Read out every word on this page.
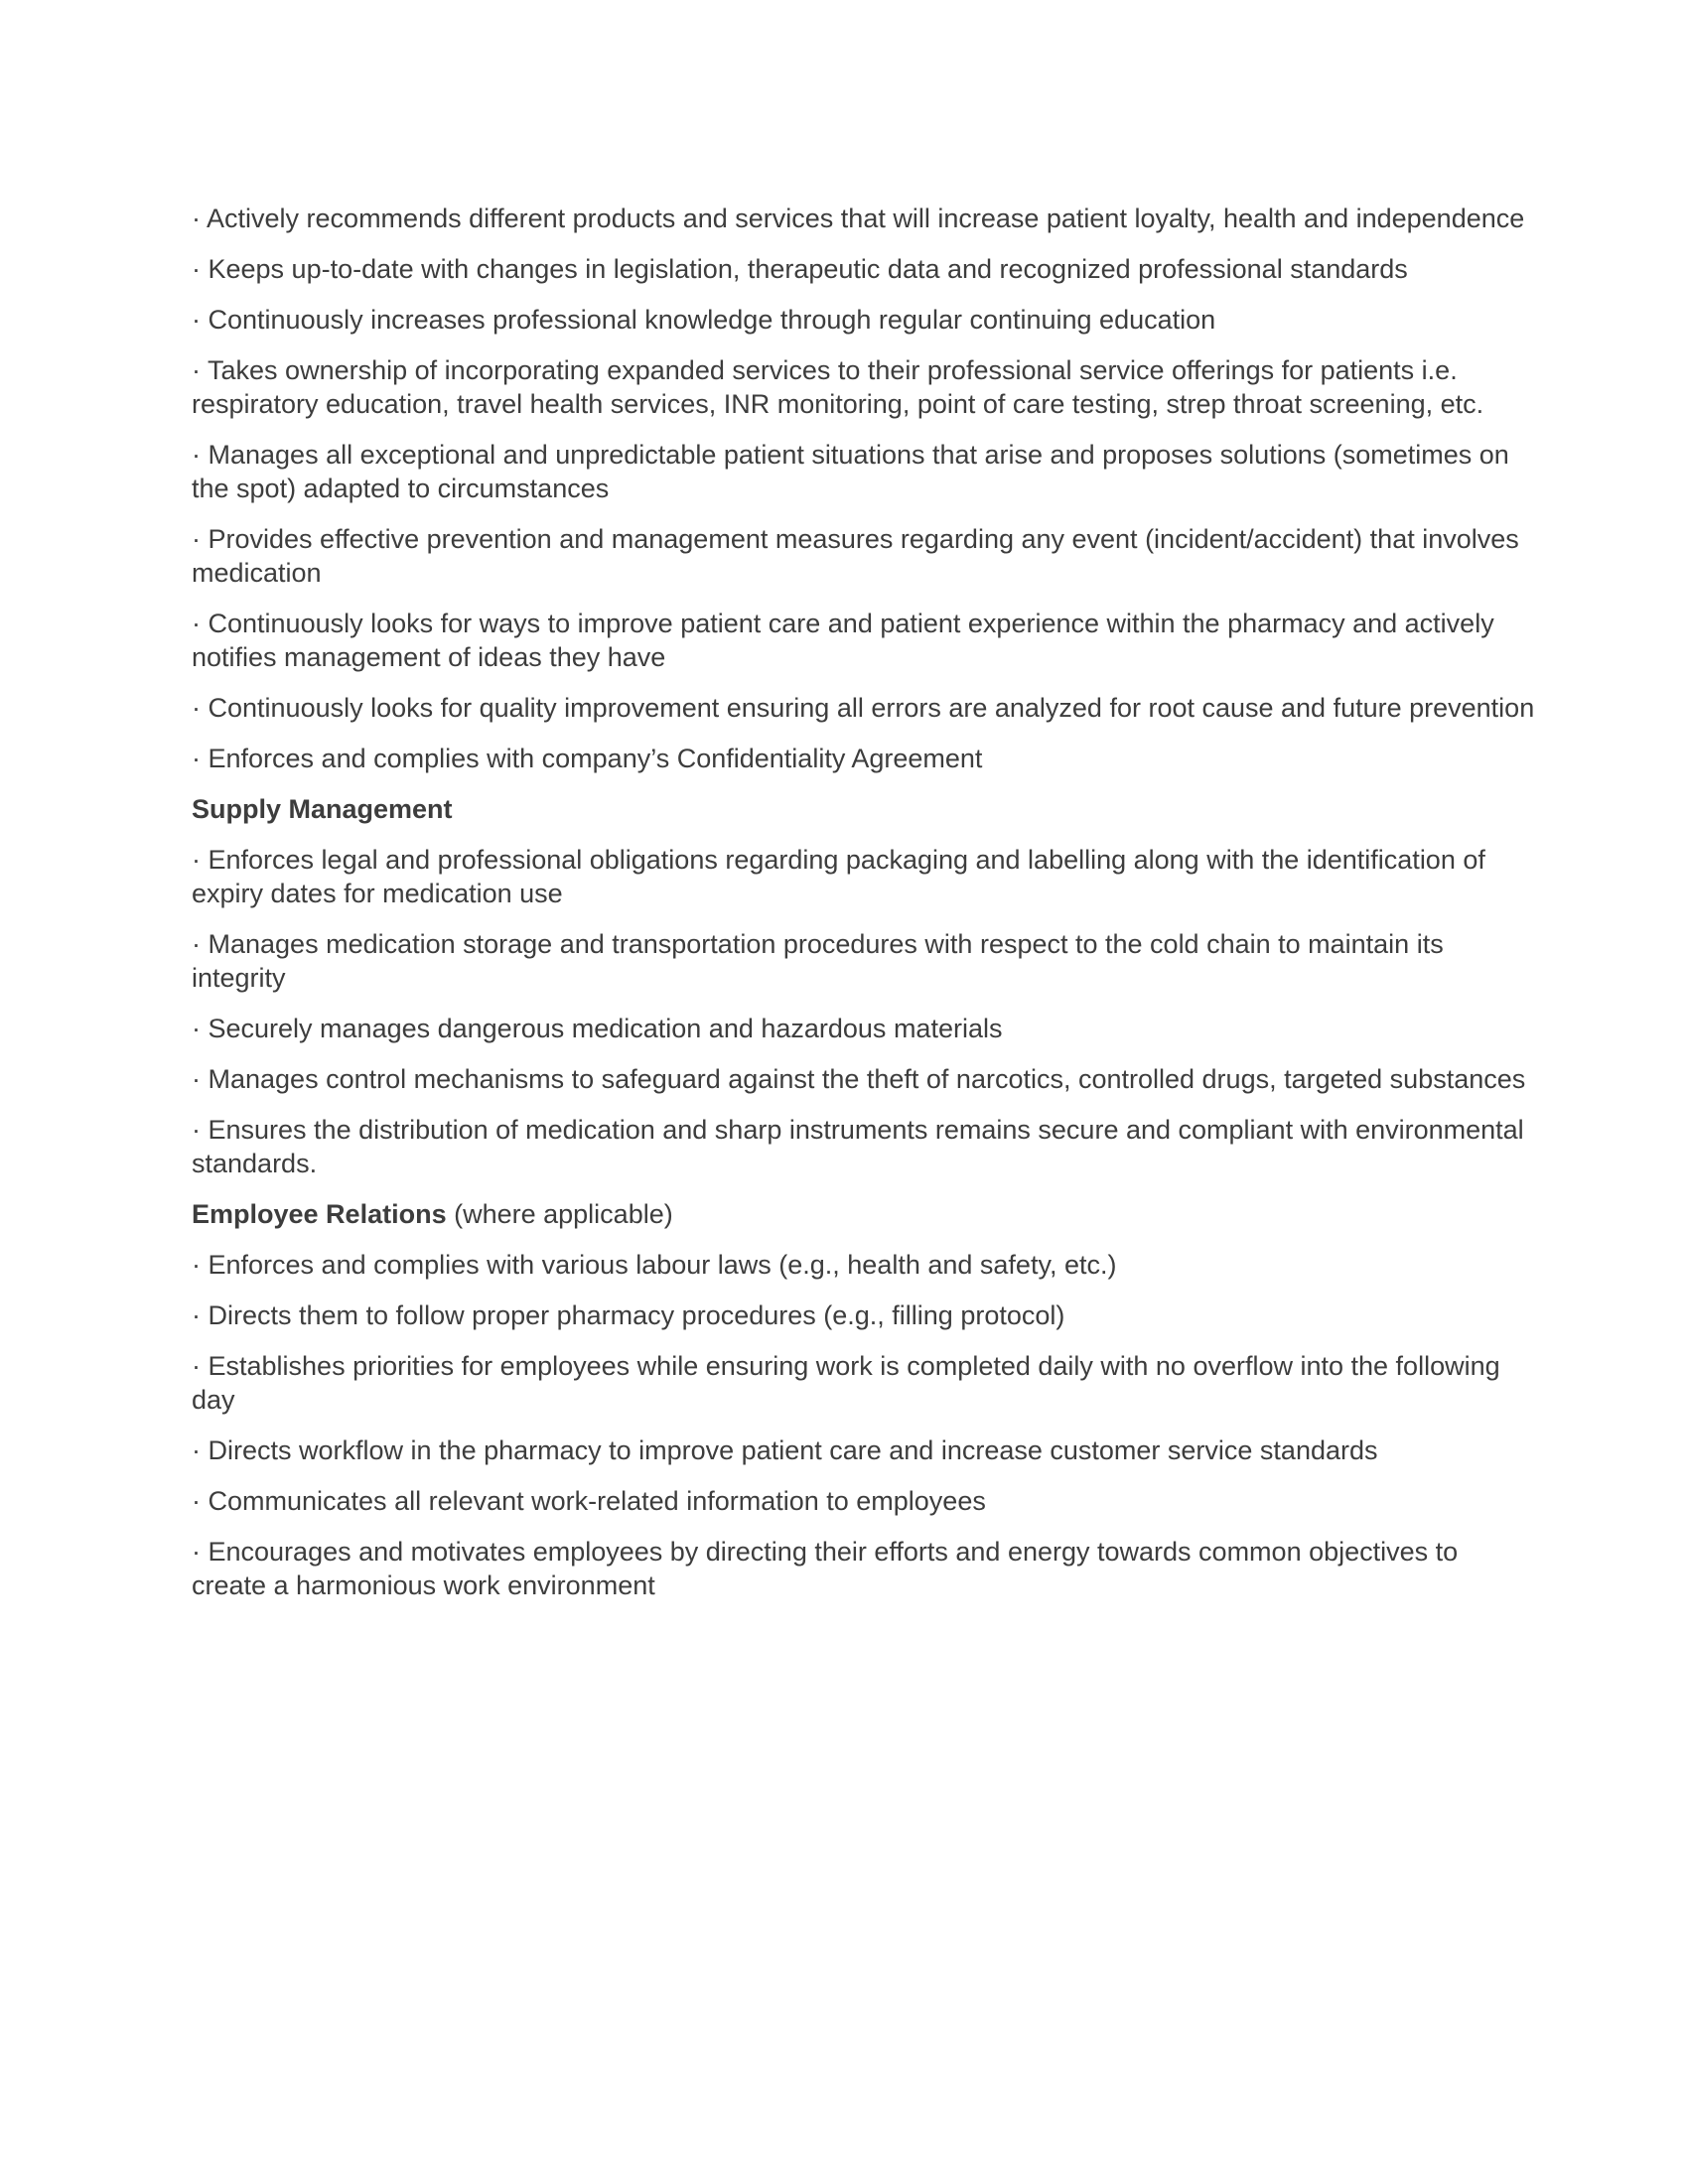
· Actively recommends different products and services that will increase patient loyalty, health and independence

· Keeps up-to-date with changes in legislation, therapeutic data and recognized professional standards

· Continuously increases professional knowledge through regular continuing education

· Takes ownership of incorporating expanded services to their professional service offerings for patients i.e. respiratory education, travel health services, INR monitoring, point of care testing, strep throat screening, etc.

· Manages all exceptional and unpredictable patient situations that arise and proposes solutions (sometimes on the spot) adapted to circumstances

· Provides effective prevention and management measures regarding any event (incident/accident) that involves medication

· Continuously looks for ways to improve patient care and patient experience within the pharmacy and actively notifies management of ideas they have

· Continuously looks for quality improvement ensuring all errors are analyzed for root cause and future prevention

· Enforces and complies with company’s Confidentiality Agreement

Supply Management

· Enforces legal and professional obligations regarding packaging and labelling along with the identification of expiry dates for medication use

· Manages medication storage and transportation procedures with respect to the cold chain to maintain its integrity

· Securely manages dangerous medication and hazardous materials

· Manages control mechanisms to safeguard against the theft of narcotics, controlled drugs, targeted substances

· Ensures the distribution of medication and sharp instruments remains secure and compliant with environmental standards.

Employee Relations (where applicable)

· Enforces and complies with various labour laws (e.g., health and safety, etc.)

· Directs them to follow proper pharmacy procedures (e.g., filling protocol)

· Establishes priorities for employees while ensuring work is completed daily with no overflow into the following day

· Directs workflow in the pharmacy to improve patient care and increase customer service standards

· Communicates all relevant work-related information to employees

· Encourages and motivates employees by directing their efforts and energy towards common objectives to create a harmonious work environment
